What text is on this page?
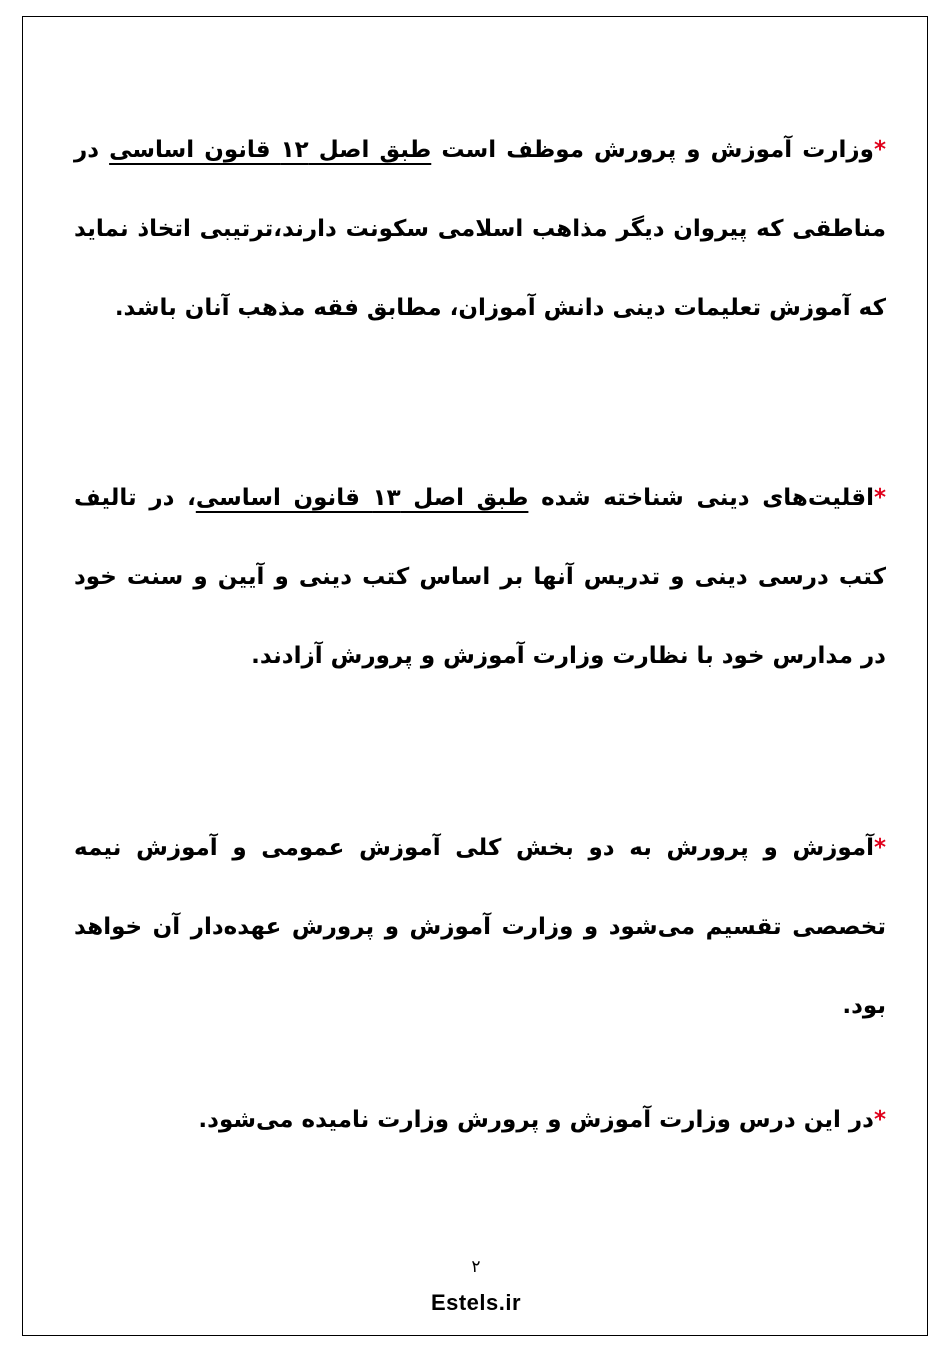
*وزارت آموزش و پرورش موظف است طبق اصل ۱۲ قانون اساسی در مناطقی که پیروان دیگر مذاهب اسلامی سکونت دارند،ترتیبی اتخاذ نماید که آموزش تعلیمات دینی دانش آموزان، مطابق فقه مذهب آنان باشد.

*اقلیت‌های دینی شناخته شده طبق اصل ۱۳ قانون اساسی، در تالیف کتب درسی دینی و تدریس آنها بر اساس کتب دینی و آیین و سنت خود در مدارس خود با نظارت وزارت آموزش و پرورش آزادند.

*آموزش و پرورش به دو بخش کلی آموزش عمومی و آموزش نیمه تخصصی تقسیم می‌شود و وزارت آموزش و پرورش عهده‌دار آن خواهد بود.

*در این درس وزارت آموزش و پرورش وزارت نامیده می‌شود.

۲
Estels.ir
